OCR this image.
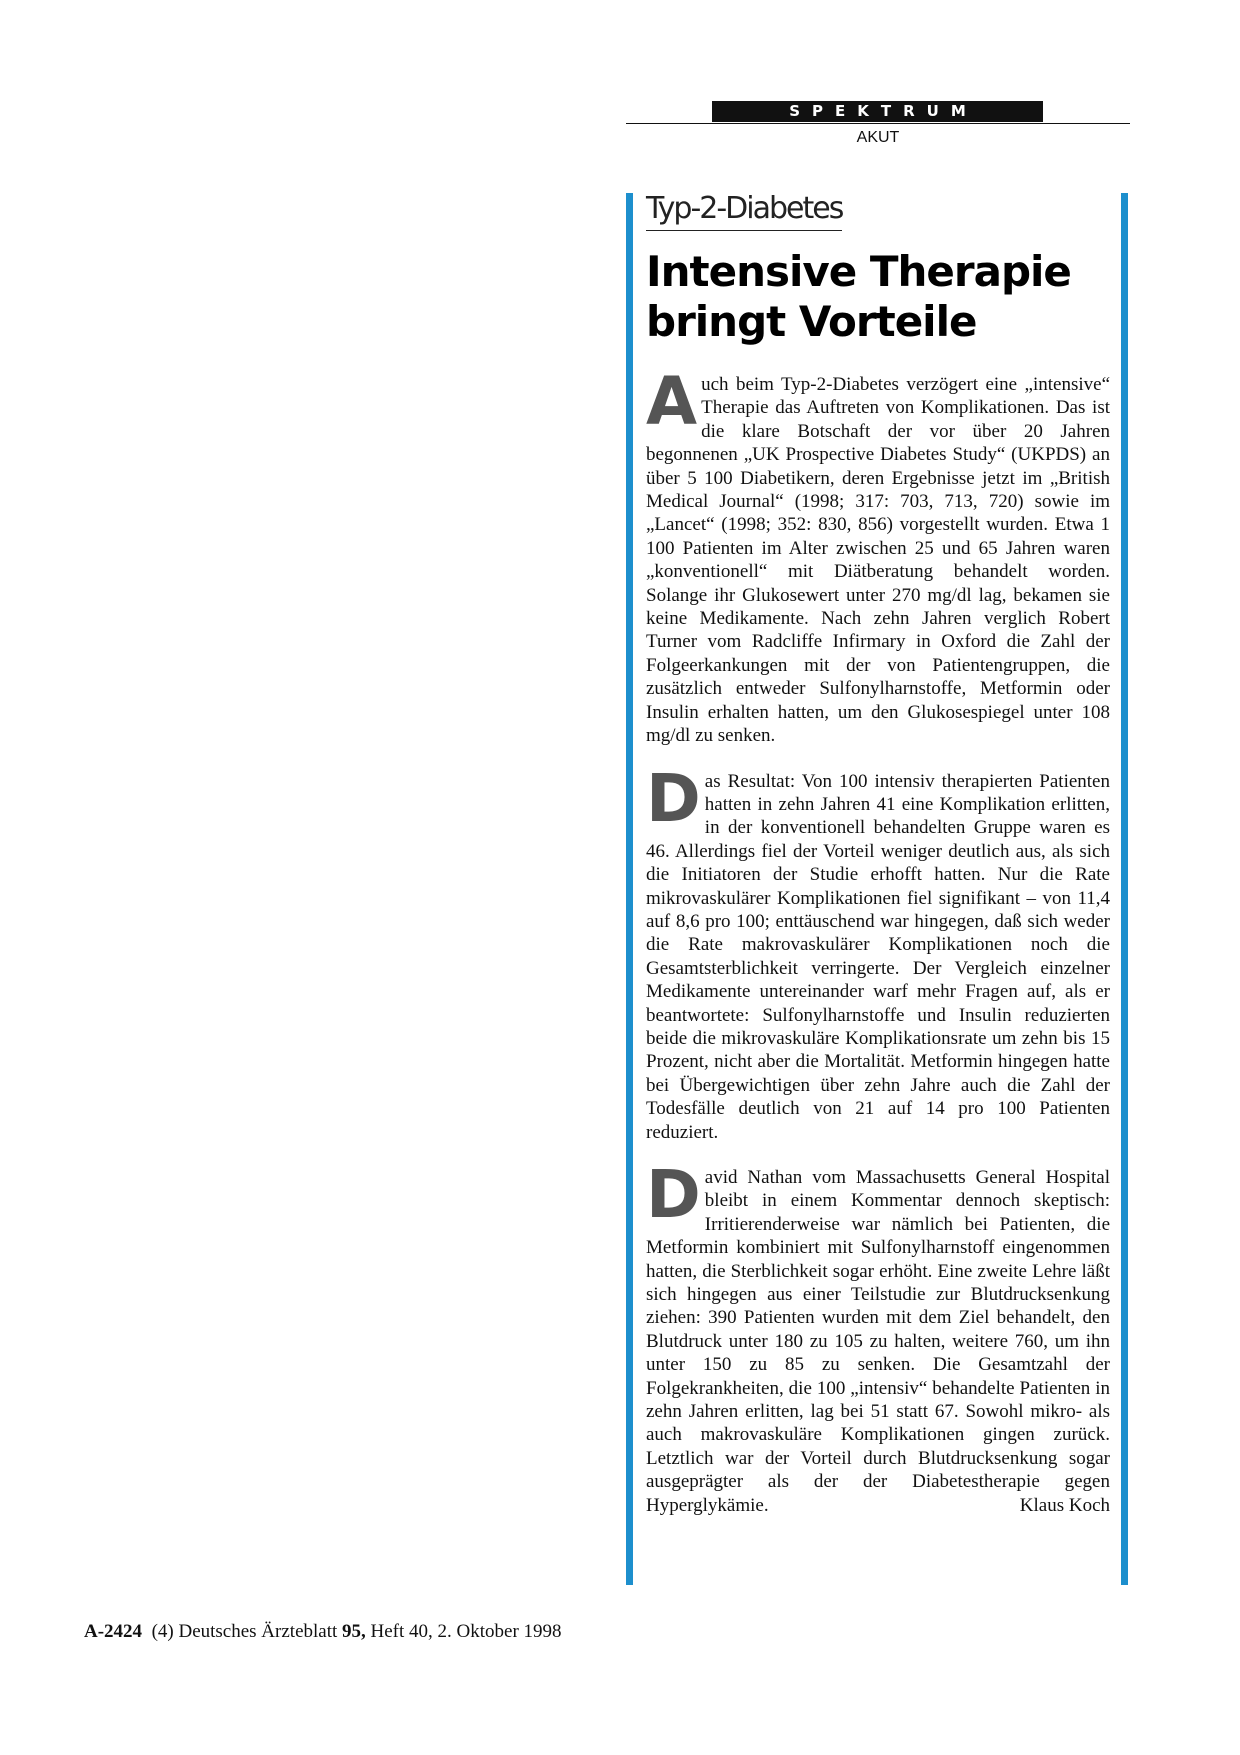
SPEKTRUM
AKUT
Typ-2-Diabetes
Intensive Therapie bringt Vorteile

Auch beim Typ-2-Diabetes verzögert eine „intensive“ Therapie das Auftreten von Komplikationen. Das ist die klare Botschaft der vor über 20 Jahren begonnenen „UK Prospective Diabetes Study“ (UKPDS) an über 5 100 Diabetikern, deren Ergebnisse jetzt im „British Medical Journal“ (1998; 317: 703, 713, 720) sowie im „Lancet“ (1998; 352: 830, 856) vorgestellt wurden. Etwa 1 100 Patienten im Alter zwischen 25 und 65 Jahren waren „konventionell“ mit Diätberatung behandelt worden. Solange ihr Glukosewert unter 270 mg/dl lag, bekamen sie keine Medikamente. Nach zehn Jahren verglich Robert Turner vom Radcliffe Infirmary in Oxford die Zahl der Folgeerkankungen mit der von Patientengruppen, die zusätzlich entweder Sulfonylharnstoffe, Metformin oder Insulin erhalten hatten, um den Glukosespiegel unter 108 mg/dl zu senken.

Das Resultat: Von 100 intensiv therapierten Patienten hatten in zehn Jahren 41 eine Komplikation erlitten, in der konventionell behandelten Gruppe waren es 46. Allerdings fiel der Vorteil weniger deutlich aus, als sich die Initiatoren der Studie erhofft hatten. Nur die Rate mikrovaskulärer Komplikationen fiel signifikant – von 11,4 auf 8,6 pro 100; enttäuschend war hingegen, daß sich weder die Rate makrovaskulärer Komplikationen noch die Gesamtsterblichkeit verringerte. Der Vergleich einzelner Medikamente untereinander warf mehr Fragen auf, als er beantwortete: Sulfonylharnstoffe und Insulin reduzierten beide die mikrovaskuläre Komplikationsrate um zehn bis 15 Prozent, nicht aber die Mortalität. Metformin hingegen hatte bei Übergewichtigen über zehn Jahre auch die Zahl der Todesfälle deutlich von 21 auf 14 pro 100 Patienten reduziert.

David Nathan vom Massachusetts General Hospital bleibt in einem Kommentar dennoch skeptisch: Irritierenderweise war nämlich bei Patienten, die Metformin kombiniert mit Sulfonylharnstoff eingenommen hatten, die Sterblichkeit sogar erhöht. Eine zweite Lehre läßt sich hingegen aus einer Teilstudie zur Blutdrucksenkung ziehen: 390 Patienten wurden mit dem Ziel behandelt, den Blutdruck unter 180 zu 105 zu halten, weitere 760, um ihn unter 150 zu 85 zu senken. Die Gesamtzahl der Folgekrankheiten, die 100 „intensiv“ behandelte Patienten in zehn Jahren erlitten, lag bei 51 statt 67. Sowohl mikro- als auch makrovaskuläre Komplikationen gingen zurück. Letztlich war der Vorteil durch Blutdrucksenkung sogar ausgeprägter als der der Diabetestherapie gegen Hyperglykämie.	Klaus Koch

A-2424 (4) Deutsches Ärzteblatt 95, Heft 40, 2. Oktober 1998
